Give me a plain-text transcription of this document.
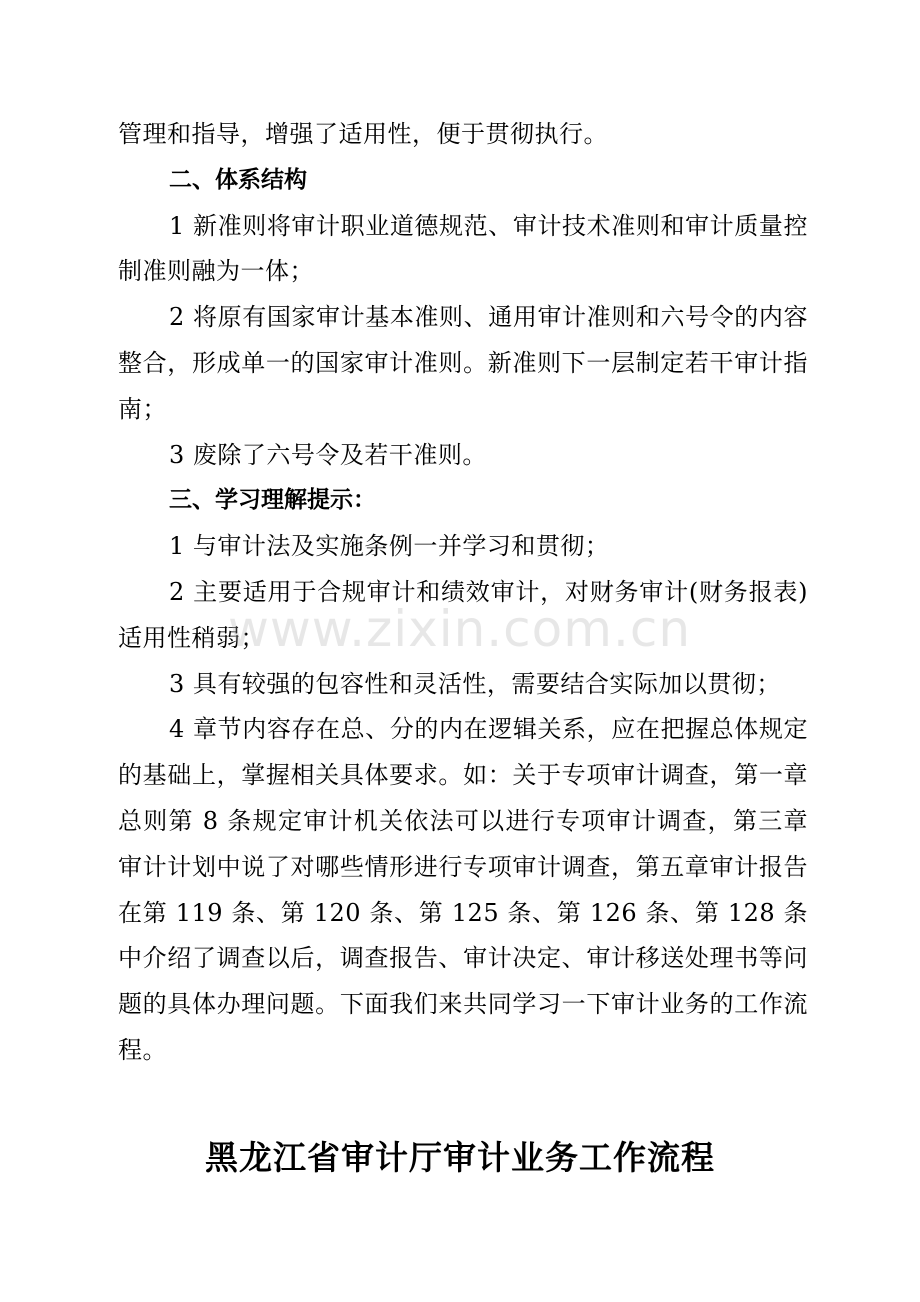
管理和指导，增强了适用性，便于贯彻执行。

二、体系结构

1 新准则将审计职业道德规范、审计技术准则和审计质量控制准则融为一体；

2 将原有国家审计基本准则、通用审计准则和六号令的内容整合，形成单一的国家审计准则。新准则下一层制定若干审计指南；

3 废除了六号令及若干准则。

三、学习理解提示：

1 与审计法及实施条例一并学习和贯彻；

2 主要适用于合规审计和绩效审计，对财务审计(财务报表)适用性稍弱；

3 具有较强的包容性和灵活性，需要结合实际加以贯彻；

4 章节内容存在总、分的内在逻辑关系，应在把握总体规定的基础上，掌握相关具体要求。如：关于专项审计调查，第一章总则第 8 条规定审计机关依法可以进行专项审计调查，第三章审计计划中说了对哪些情形进行专项审计调查，第五章审计报告在第 119 条、第 120 条、第 125 条、第 126 条、第 128 条中介绍了调查以后，调查报告、审计决定、审计移送处理书等问题的具体办理问题。下面我们来共同学习一下审计业务的工作流程。

www.zixin.com.cn
黑龙江省审计厅审计业务工作流程
